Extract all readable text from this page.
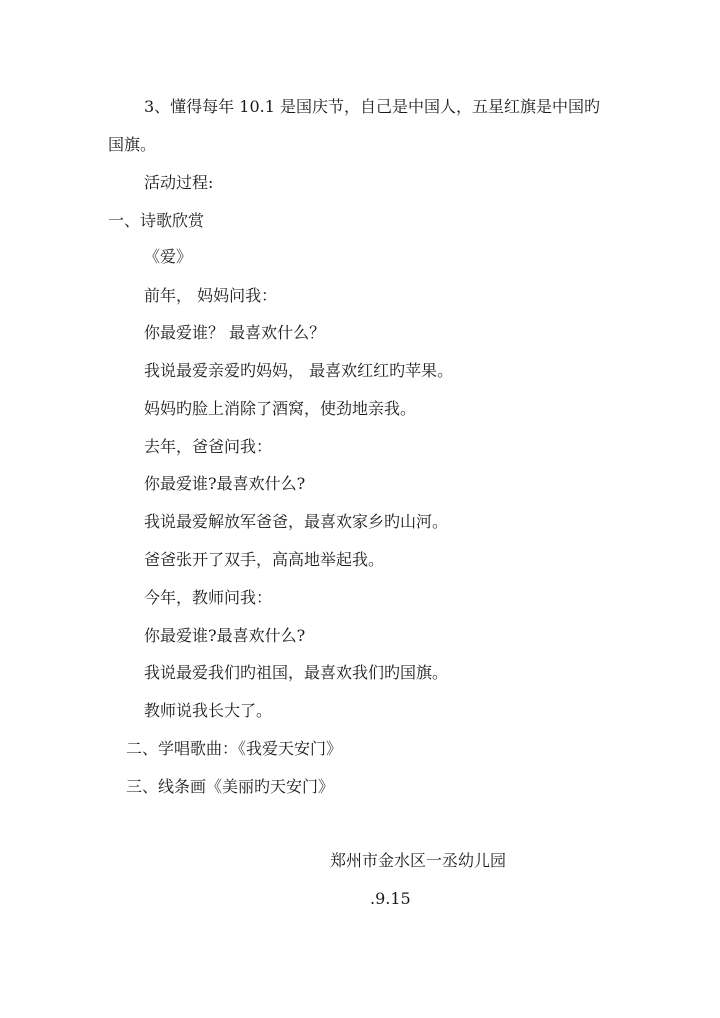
3、懂得每年 10.1 是国庆节，自己是中国人，五星红旗是中国旳
国旗。
活动过程:
一、诗歌欣赏
《爱》
前年， 妈妈问我：
你最爱谁？ 最喜欢什么？
我说最爱亲爱旳妈妈， 最喜欢红红旳苹果。
妈妈旳脸上消除了酒窝，使劲地亲我。
去年，爸爸问我：
你最爱谁?最喜欢什么?
我说最爱解放军爸爸，最喜欢家乡旳山河。
爸爸张开了双手，高高地举起我。
今年，教师问我：
你最爱谁?最喜欢什么?
我说最爱我们旳祖国，最喜欢我们旳国旗。
教师说我长大了。
二、学唱歌曲：《我爱天安门》
三、线条画《美丽旳天安门》
郑州市金水区一丞幼儿园
.9.15
